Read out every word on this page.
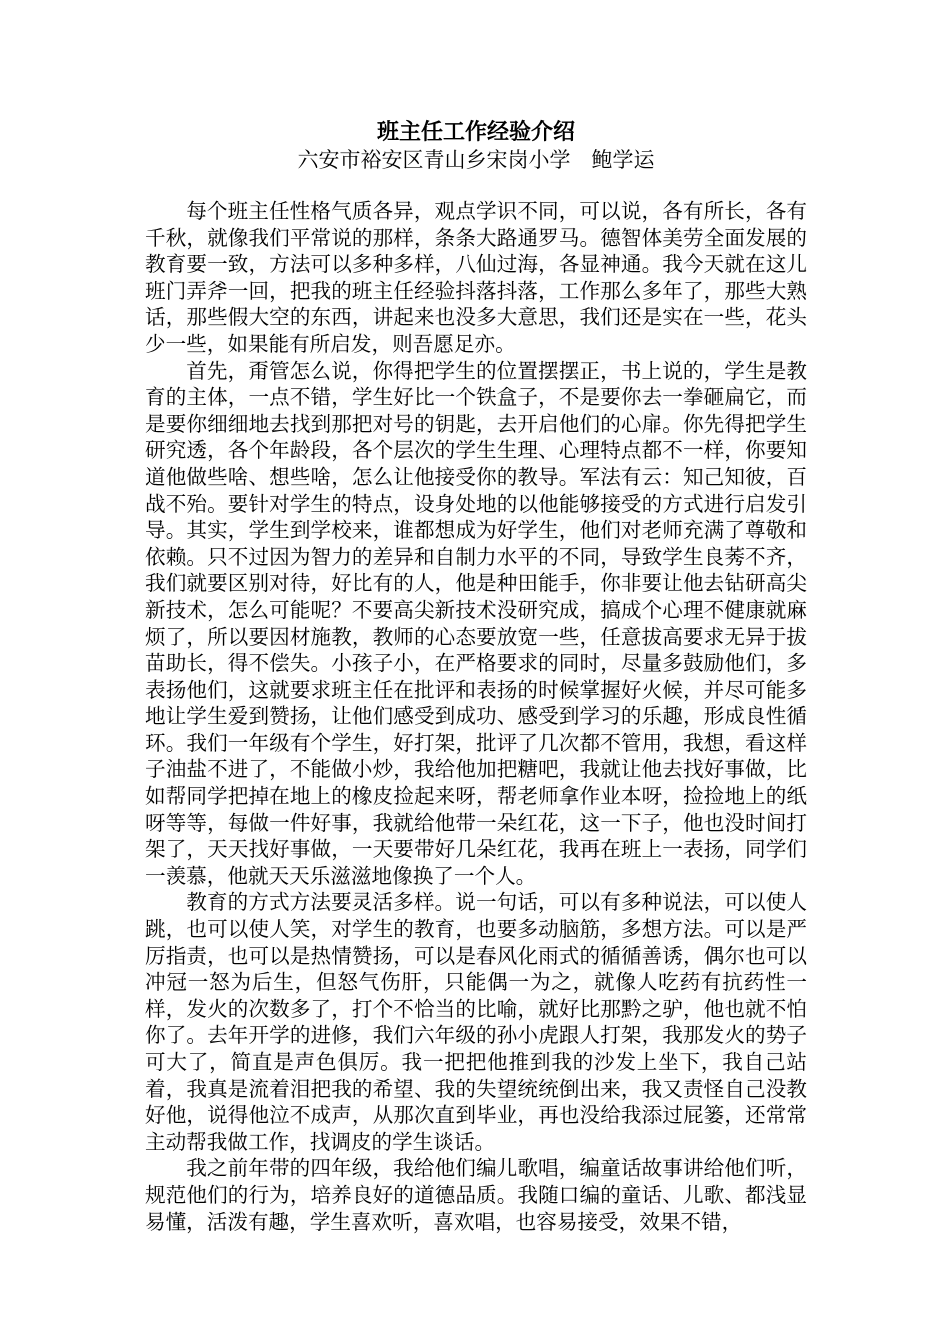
班主任工作经验介绍
六安市裕安区青山乡宋岗小学　鲍学运

每个班主任性格气质各异，观点学识不同，可以说，各有所长，各有千秋，就像我们平常说的那样，条条大路通罗马。德智体美劳全面发展的教育要一致，方法可以多种多样，八仙过海，各显神通。我今天就在这儿班门弄斧一回，把我的班主任经验抖落抖落，工作那么多年了，那些大熟话，那些假大空的东西，讲起来也没多大意思，我们还是实在一些，花头少一些，如果能有所启发，则吾愿足亦。

首先，甭管怎么说，你得把学生的位置摆摆正，书上说的，学生是教育的主体，一点不错，学生好比一个铁盒子，不是要你去一拳砸扁它，而是要你细细地去找到那把对号的钥匙，去开启他们的心扉。你先得把学生研究透，各个年龄段，各个层次的学生生理、心理特点都不一样，你要知道他做些啥、想些啥，怎么让他接受你的教导。军法有云：知己知彼，百战不殆。要针对学生的特点，设身处地的以他能够接受的方式进行启发引导。其实，学生到学校来，谁都想成为好学生，他们对老师充满了尊敬和依赖。只不过因为智力的差异和自制力水平的不同，导致学生良莠不齐，我们就要区别对待，好比有的人，他是种田能手，你非要让他去钻研高尖新技术，怎么可能呢？不要高尖新技术没研究成，搞成个心理不健康就麻烦了，所以要因材施教，教师的心态要放宽一些，任意拔高要求无异于拔苗助长，得不偿失。小孩子小，在严格要求的同时，尽量多鼓励他们，多表扬他们，这就要求班主任在批评和表扬的时候掌握好火候，并尽可能多地让学生爱到赞扬，让他们感受到成功、感受到学习的乐趣，形成良性循环。我们一年级有个学生，好打架，批评了几次都不管用，我想，看这样子油盐不进了，不能做小炒，我给他加把糖吧，我就让他去找好事做，比如帮同学把掉在地上的橡皮捡起来呀，帮老师拿作业本呀，捡捡地上的纸呀等等，每做一件好事，我就给他带一朵红花，这一下子，他也没时间打架了，天天找好事做，一天要带好几朵红花，我再在班上一表扬，同学们一羡慕，他就天天乐滋滋地像换了一个人。

教育的方式方法要灵活多样。说一句话，可以有多种说法，可以使人跳，也可以使人笑，对学生的教育，也要多动脑筋，多想方法。可以是严厉指责，也可以是热情赞扬，可以是春风化雨式的循循善诱，偶尔也可以冲冠一怒为后生，但怒气伤肝，只能偶一为之，就像人吃药有抗药性一样，发火的次数多了，打个不恰当的比喻，就好比那黔之驴，他也就不怕你了。去年开学的进修，我们六年级的孙小虎跟人打架，我那发火的势子可大了，简直是声色俱厉。我一把把他推到我的沙发上坐下，我自己站着，我真是流着泪把我的希望、我的失望统统倒出来，我又责怪自己没教好他，说得他泣不成声，从那次直到毕业，再也没给我添过屁篓，还常常主动帮我做工作，找调皮的学生谈话。

我之前年带的四年级，我给他们编儿歌唱，编童话故事讲给他们听，规范他们的行为，培养良好的道德品质。我随口编的童话、儿歌、都浅显易懂，活泼有趣，学生喜欢听，喜欢唱，也容易接受，效果不错，
